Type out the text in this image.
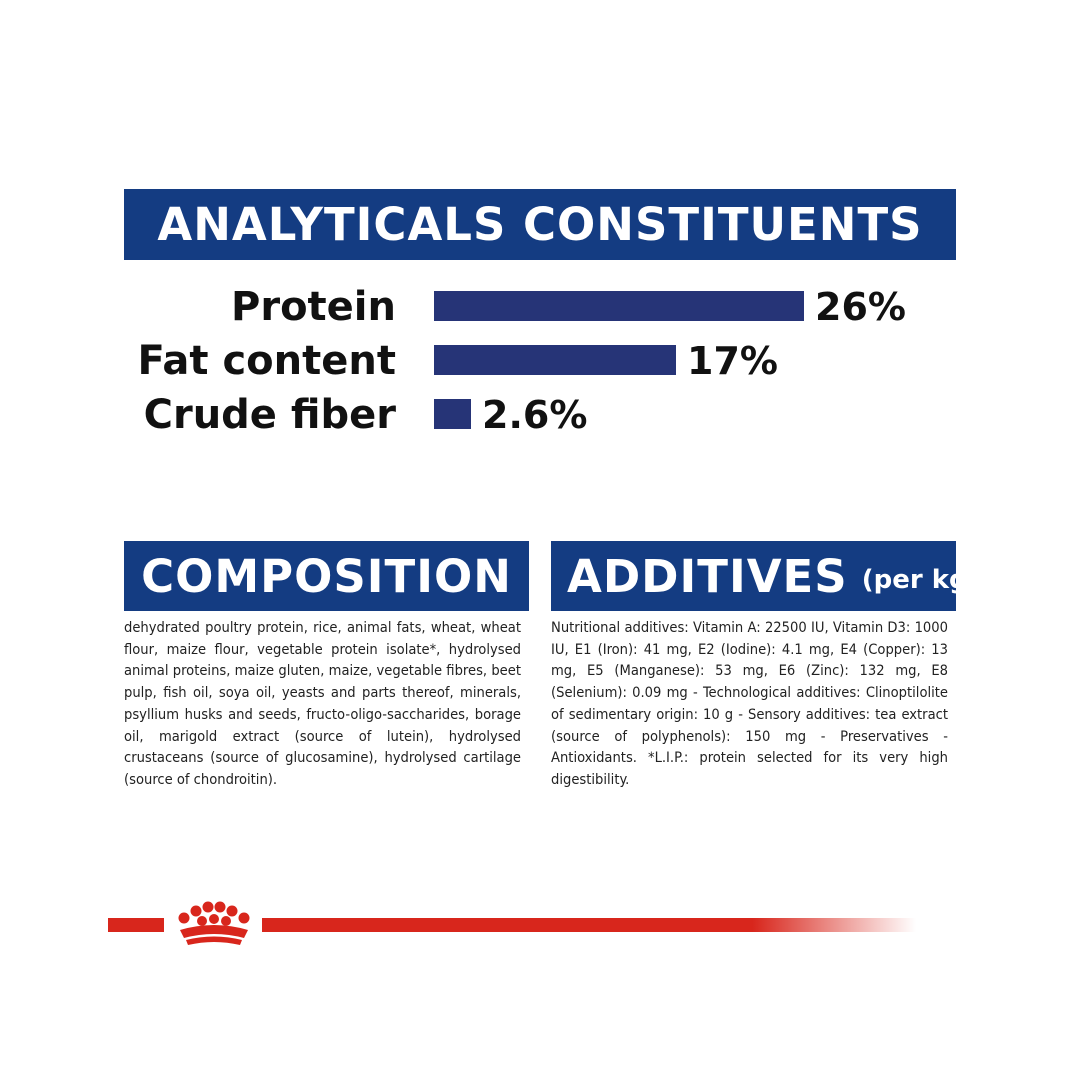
ANALYTICALS CONSTITUENTS
Protein	26%
Fat content	17%
Crude fiber 2.6%
COMPOSITION

dehydrated poultry protein, rice, animal fats, wheat, wheat flour, maize flour, vegetable protein isolate*, hydrolysed animal proteins, maize gluten, maize, vegetable fibres, beet pulp, fish oil, soya oil, yeasts and parts thereof, minerals, psyllium husks and seeds, fructo-oligo-saccharides, borage oil, marigold extract (source of lutein), hydrolysed crustaceans (source of glucosamine), hydrolysed cartilage (source of chondroitin).

ADDITIVES (per kg)

Nutritional additives: Vitamin A: 22500 IU, Vitamin D3: 1000 IU, E1 (Iron): 41 mg, E2 (Iodine): 4.1 mg, E4 (Copper): 13 mg, E5 (Manganese): 53 mg, E6 (Zinc): 132 mg, E8 (Selenium): 0.09 mg - Technological additives: Clinoptilolite of sedimentary origin: 10 g - Sensory additives: tea extract (source of polyphenols): 150 mg - Preservatives - Antioxidants. *L.I.P.: protein selected for its very high digestibility.
